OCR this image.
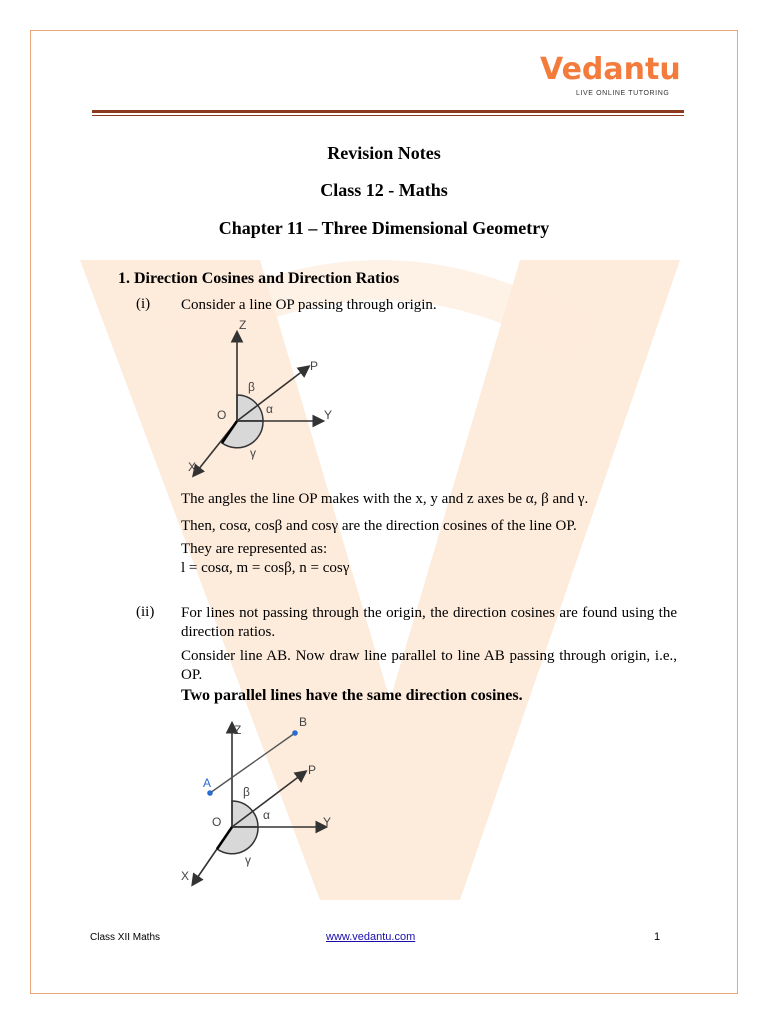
Vedantu
LIVE ONLINE TUTORING
Revision Notes
Class 12 - Maths
Chapter 11 – Three Dimensional Geometry
1. Direction Cosines and Direction Ratios
(i) Consider a line OP passing through origin.
Z
P
β
α
O	Y
γ
X
The angles the line OP makes with the x, y and z axes be α, β and γ.
Then, cosα, cosβ and cosγ are the direction cosines of the line OP.
They are represented as:
l = cosα, m = cosβ, n = cosγ
(ii) For lines not passing through the origin, the direction cosines are found using the direction ratios.
Consider line AB. Now draw line parallel to line AB passing through origin, i.e., OP.
Two parallel lines have the same direction cosines.
Z
B
A
P
β
α
O	Y
γ
X
Class XII Maths	www.vedantu.com	1
